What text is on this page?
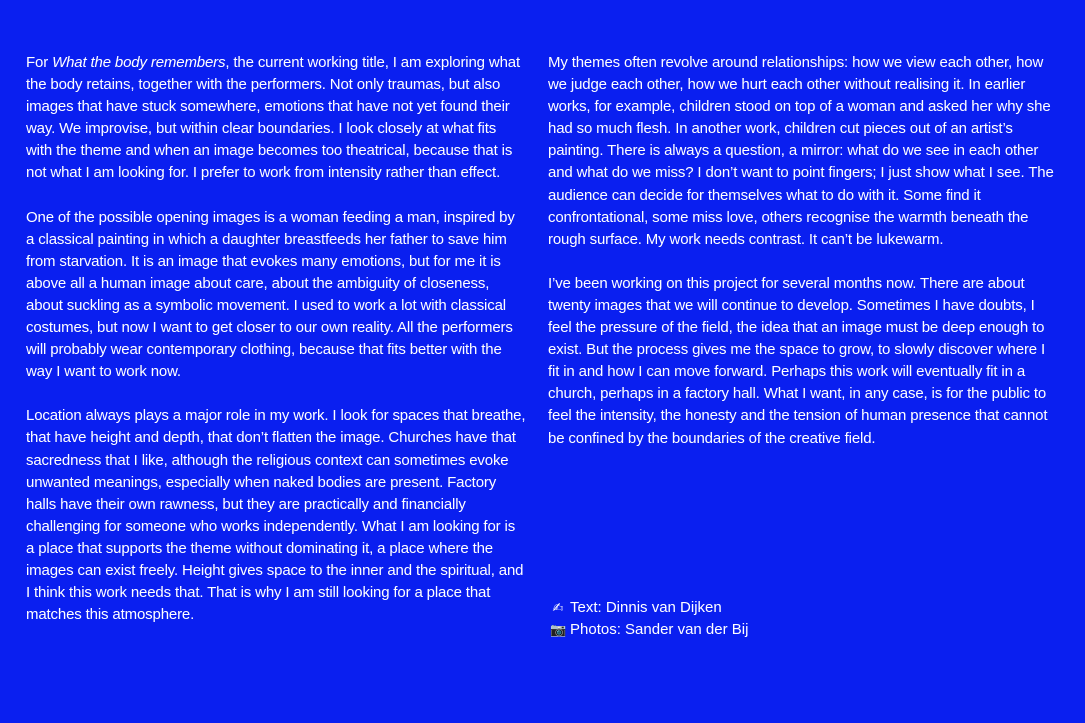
For What the body remembers, the current working title, I am exploring what the body retains, together with the performers. Not only traumas, but also images that have stuck somewhere, emotions that have not yet found their way. We improvise, but within clear boundaries. I look closely at what fits with the theme and when an image becomes too theatrical, because that is not what I am looking for. I prefer to work from intensity rather than effect.

One of the possible opening images is a woman feeding a man, inspired by a classical painting in which a daughter breastfeeds her father to save him from starvation. It is an image that evokes many emotions, but for me it is above all a human image about care, about the ambiguity of closeness, about suckling as a symbolic movement. I used to work a lot with classical costumes, but now I want to get closer to our own reality. All the performers will probably wear contemporary clothing, because that fits better with the way I want to work now.

Location always plays a major role in my work. I look for spaces that breathe, that have height and depth, that don’t flatten the image. Churches have that sacredness that I like, although the religious context can sometimes evoke unwanted meanings, especially when naked bodies are present. Factory halls have their own rawness, but they are practically and financially challenging for someone who works independently. What I am looking for is a place that supports the theme without dominating it, a place where the images can exist freely. Height gives space to the inner and the spiritual, and I think this work needs that. That is why I am still looking for a place that matches this atmosphere.

My themes often revolve around relationships: how we view each other, how we judge each other, how we hurt each other without realising it. In earlier works, for example, children stood on top of a woman and asked her why she had so much flesh. In another work, children cut pieces out of an artist’s painting. There is always a question, a mirror: what do we see in each other and what do we miss? I don’t want to point fingers; I just show what I see. The audience can decide for themselves what to do with it. Some find it confrontational, some miss love, others recognise the warmth beneath the rough surface. My work needs contrast. It can’t be lukewarm.

I’ve been working on this project for several months now. There are about twenty images that we will continue to develop. Sometimes I have doubts, I feel the pressure of the field, the idea that an image must be deep enough to exist. But the process gives me the space to grow, to slowly discover where I fit in and how I can move forward. Perhaps this work will eventually fit in a church, perhaps in a factory hall. What I want, in any case, is for the public to feel the intensity, the honesty and the tension of human presence that cannot be confined by the boundaries of the creative field.

✍ Text: Dinnis van Dijken
📷 Photos: Sander van der Bij
